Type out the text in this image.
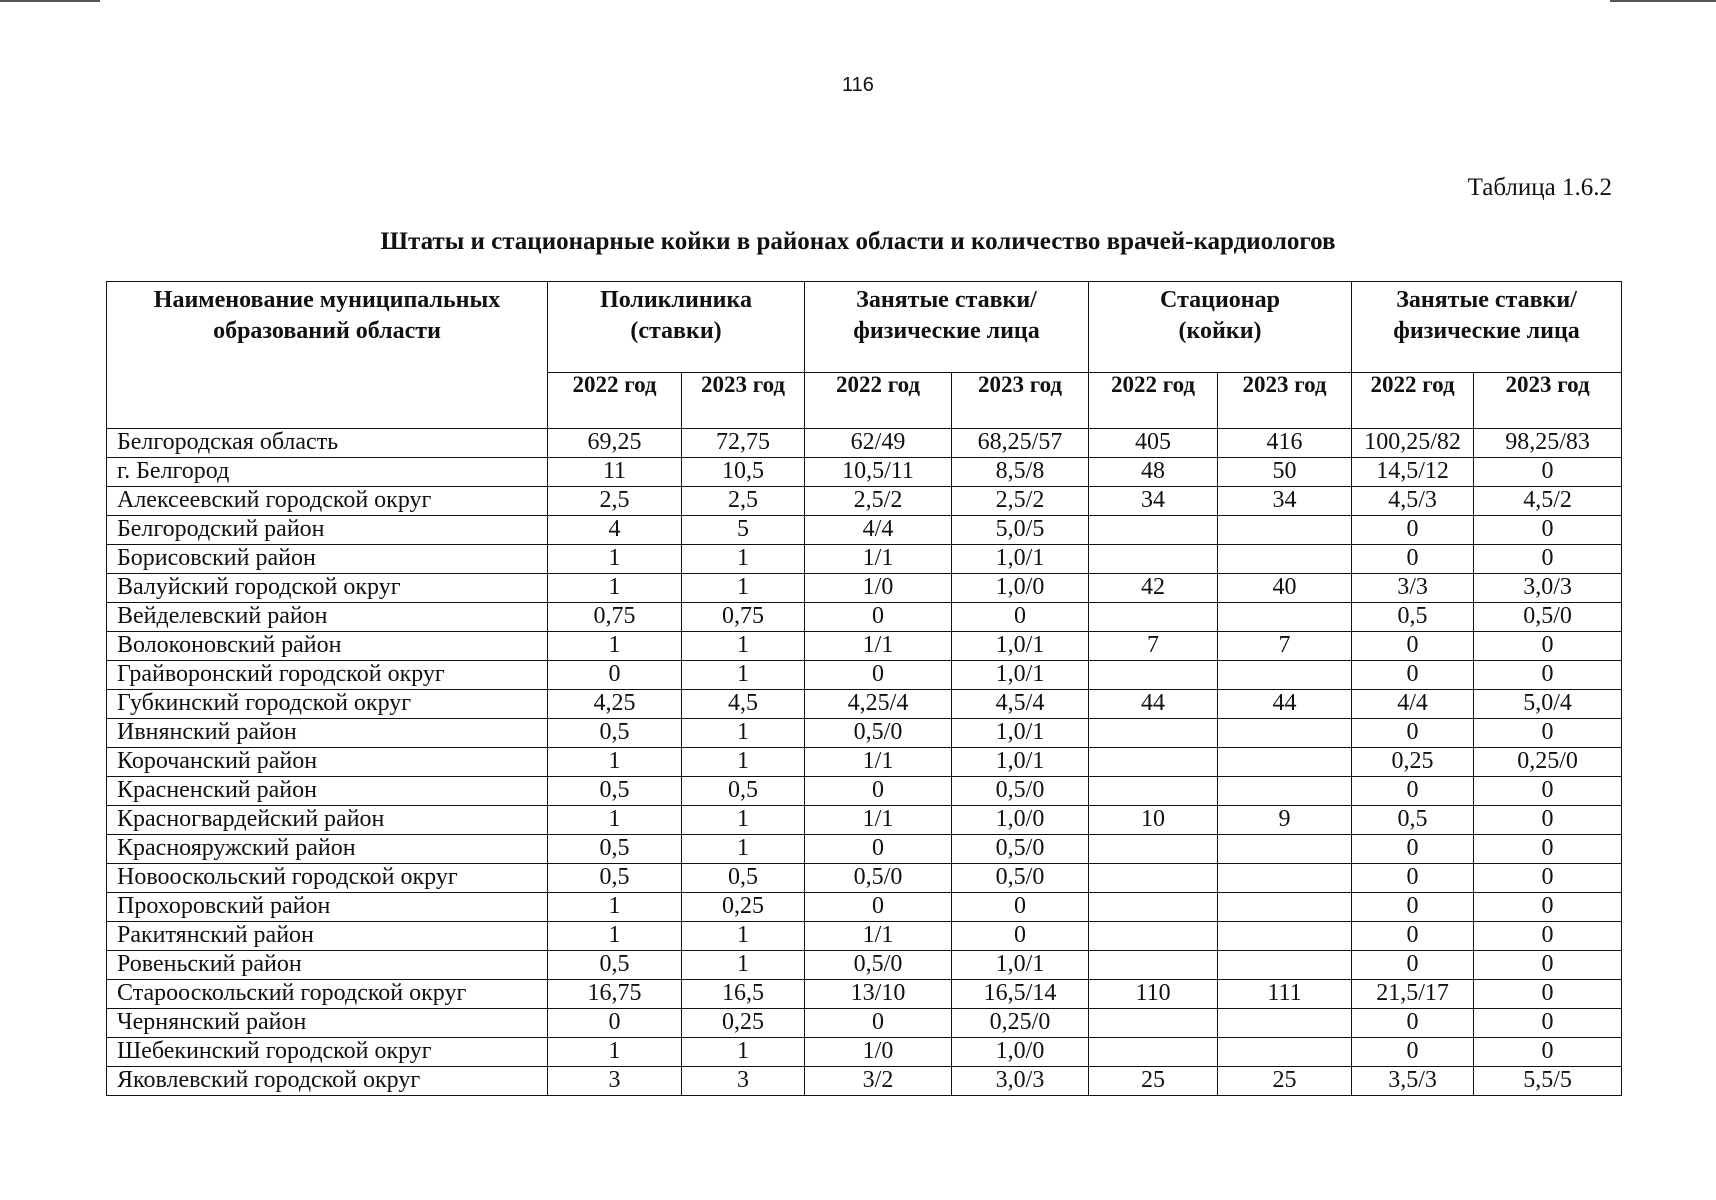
116
Таблица 1.6.2
Штаты и стационарные койки в районах области и количество врачей-кардиологов
Наименование муниципальных образований области	Поликлиника (ставки)		Занятые ставки/ физические лица		Стационар (койки)		Занятые ставки/ физические лица	
	2022 год	2023 год	2022 год	2023 год	2022 год	2023 год	2022 год	2023 год
Белгородская область	69,25	72,75	62/49	68,25/57	405	416	100,25/82	98,25/83
г. Белгород	11	10,5	10,5/11	8,5/8	48	50	14,5/12	0
Алексеевский городской округ	2,5	2,5	2,5/2	2,5/2	34	34	4,5/3	4,5/2
Белгородский район	4	5	4/4	5,0/5			0	0
Борисовский район	1	1	1/1	1,0/1			0	0
Валуйский городской округ	1	1	1/0	1,0/0	42	40	3/3	3,0/3
Вейделевский район	0,75	0,75	0	0			0,5	0,5/0
Волоконовский район	1	1	1/1	1,0/1	7	7	0	0
Грайворонский городской округ	0	1	0	1,0/1			0	0
Губкинский городской округ	4,25	4,5	4,25/4	4,5/4	44	44	4/4	5,0/4
Ивнянский район	0,5	1	0,5/0	1,0/1			0	0
Корочанский район	1	1	1/1	1,0/1			0,25	0,25/0
Красненский район	0,5	0,5	0	0,5/0			0	0
Красногвардейский район	1	1	1/1	1,0/0	10	9	0,5	0
Краснояружский район	0,5	1	0	0,5/0			0	0
Новооскольский городской округ	0,5	0,5	0,5/0	0,5/0			0	0
Прохоровский район	1	0,25	0	0			0	0
Ракитянский район	1	1	1/1	0			0	0
Ровеньский район	0,5	1	0,5/0	1,0/1			0	0
Старооскольский городской округ	16,75	16,5	13/10	16,5/14	110	111	21,5/17	0
Чернянский район	0	0,25	0	0,25/0			0	0
Шебекинский городской округ	1	1	1/0	1,0/0			0	0
Яковлевский городской округ	3	3	3/2	3,0/3	25	25	3,5/3	5,5/5
